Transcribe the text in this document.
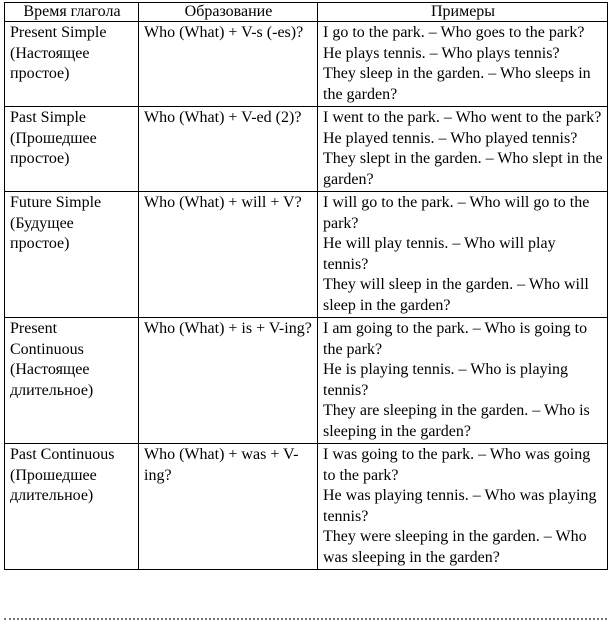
Время глагола	Образование	Примеры
Present Simple (Настоящее простое)	Who (What) + V-s (-es)?	I go to the park. – Who goes to the park?
He plays tennis. – Who plays tennis?
They sleep in the garden. – Who sleeps in the garden?

Past Simple (Прошедшее простое)	Who (What) + V-ed (2)?	I went to the park. – Who went to the park?
He played tennis. – Who played tennis?
They slept in the garden. – Who slept in the garden?

Future Simple (Будущее простое)	Who (What) + will + V?	I will go to the park. – Who will go to the park?
He will play tennis. – Who will play tennis?
They will sleep in the garden. – Who will sleep in the garden?

Present Continuous (Настоящее длительное)	Who (What) + is + V-ing?	I am going to the park. – Who is going to the park?
He is playing tennis. – Who is playing tennis?
They are sleeping in the garden. – Who is sleeping in the garden?

Past Continuous (Прошедшее длительное)	Who (What) + was + V-ing?	I was going to the park. – Who was going to the park?
He was playing tennis. – Who was playing tennis?
They were sleeping in the garden. – Who was sleeping in the garden?
